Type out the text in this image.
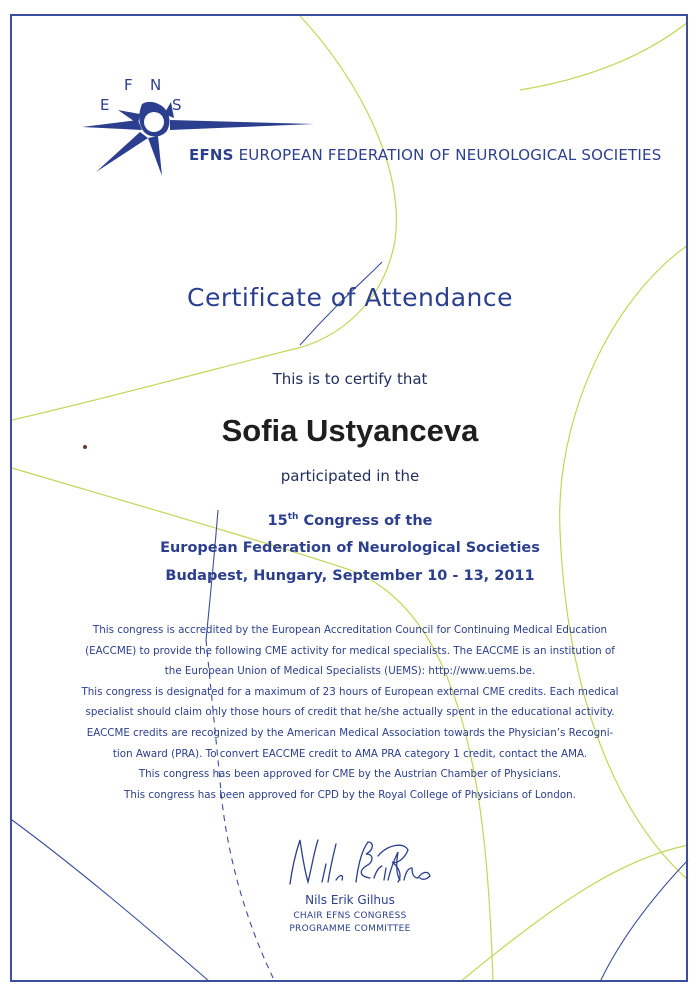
E
F N
S
EFNS EUROPEAN FEDERATION OF NEUROLOGICAL SOCIETIES
Certificate of Attendance
This is to certify that
Sofia Ustyanceva
participated in the
15th Congress of the
European Federation of Neurological Societies
Budapest, Hungary, September 10 - 13, 2011
This congress is accredited by the European Accreditation Council for Continuing Medical Education
(EACCME) to provide the following CME activity for medical specialists. The EACCME is an institution of
the European Union of Medical Specialists (UEMS): http://www.uems.be.
This congress is designated for a maximum of 23 hours of European external CME credits. Each medical
specialist should claim only those hours of credit that he/she actually spent in the educational activity.
EACCME credits are recognized by the American Medical Association towards the Physician’s Recogni-
tion Award (PRA). To convert EACCME credit to AMA PRA category 1 credit, contact the AMA.
This congress has been approved for CME by the Austrian Chamber of Physicians.
This congress has been approved for CPD by the Royal College of Physicians of London.
Nils Erik Gilhus
CHAIR EFNS CONGRESS
PROGRAMME COMMITTEE
